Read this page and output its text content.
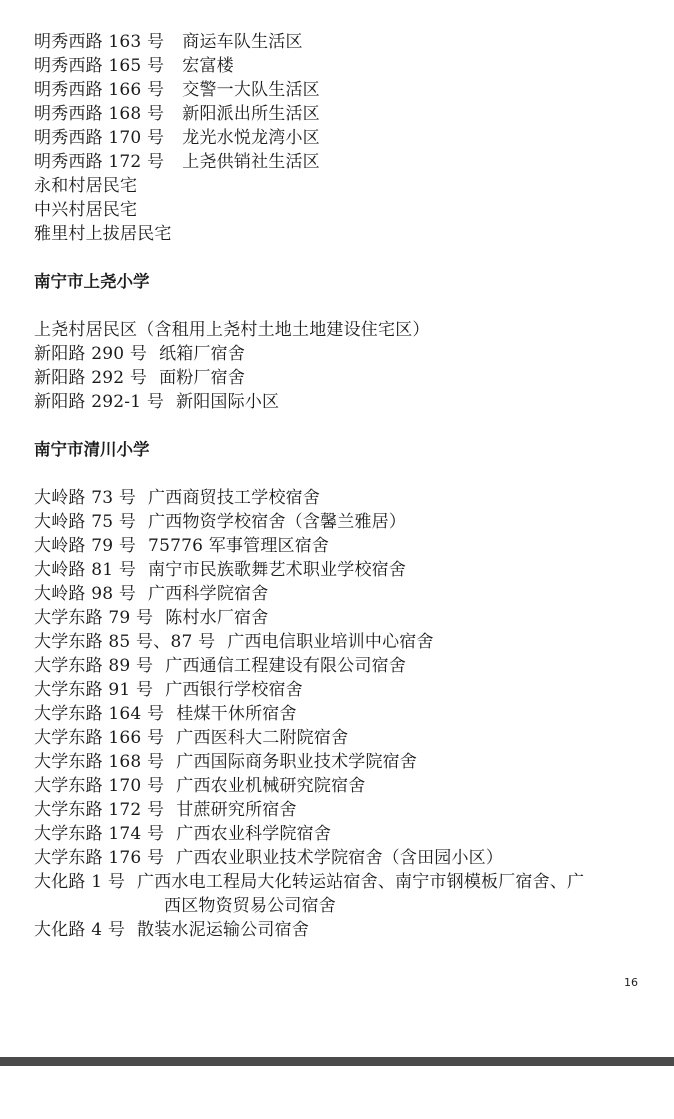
明秀西路 163 号 商运车队生活区
明秀西路 165 号 宏富楼
明秀西路 166 号 交警一大队生活区
明秀西路 168 号 新阳派出所生活区
明秀西路 170 号 龙光水悦龙湾小区
明秀西路 172 号 上尧供销社生活区
永和村居民宅
中兴村居民宅
雅里村上拔居民宅
南宁市上尧小学
上尧村居民区（含租用上尧村土地土地建设住宅区）
新阳路 290 号 纸箱厂宿舍
新阳路 292 号 面粉厂宿舍
新阳路 292-1 号 新阳国际小区
南宁市清川小学
大岭路 73 号 广西商贸技工学校宿舍
大岭路 75 号 广西物资学校宿舍（含馨兰雅居）
大岭路 79 号 75776 军事管理区宿舍
大岭路 81 号 南宁市民族歌舞艺术职业学校宿舍
大岭路 98 号 广西科学院宿舍
大学东路 79 号 陈村水厂宿舍
大学东路 85 号、87 号 广西电信职业培训中心宿舍
大学东路 89 号 广西通信工程建设有限公司宿舍
大学东路 91 号 广西银行学校宿舍
大学东路 164 号 桂煤干休所宿舍
大学东路 166 号 广西医科大二附院宿舍
大学东路 168 号 广西国际商务职业技术学院宿舍
大学东路 170 号 广西农业机械研究院宿舍
大学东路 172 号 甘蔗研究所宿舍
大学东路 174 号 广西农业科学院宿舍
大学东路 176 号 广西农业职业技术学院宿舍（含田园小区）
大化路 1 号 广西水电工程局大化转运站宿舍、南宁市钢模板厂宿舍、广
西区物资贸易公司宿舍
大化路 4 号 散装水泥运输公司宿舍
16
